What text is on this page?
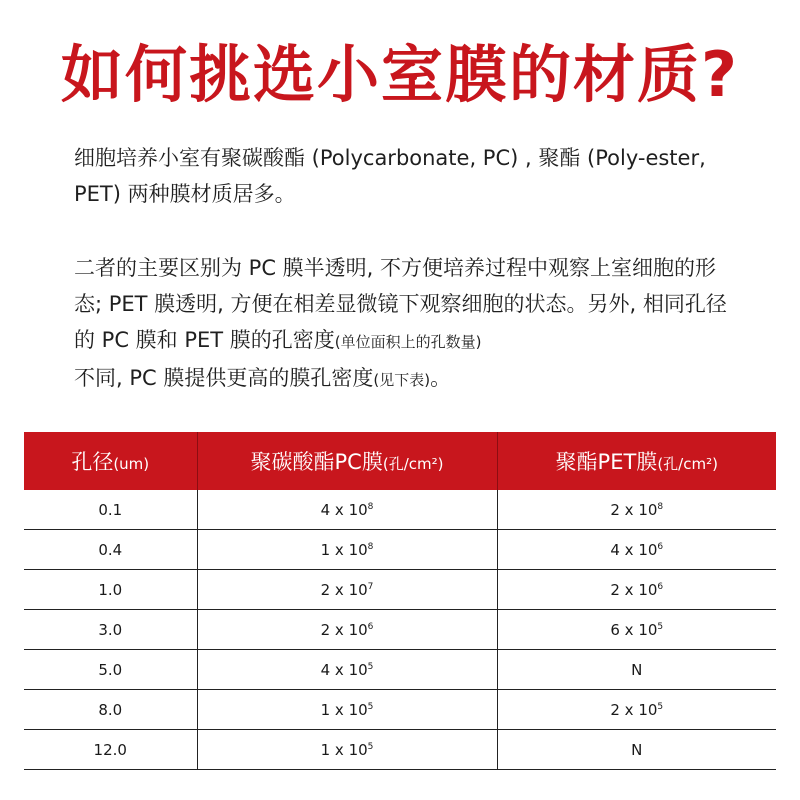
如何挑选小室膜的材质?

细胞培养小室有聚碳酸酯 (Polycarbonate, PC) , 聚酯 (Poly-ester, PET) 两种膜材质居多。

二者的主要区别为 PC 膜半透明, 不方便培养过程中观察上室细胞的形态; PET 膜透明, 方便在相差显微镜下观察细胞的状态。另外, 相同孔径的 PC 膜和 PET 膜的孔密度(单位面积上的孔数量)
不同, PC 膜提供更高的膜孔密度(见下表)。

孔径(um)	聚碳酸酯PC膜(孔/cm²)	聚酯PET膜(孔/cm²)
0.1	4 x $10^8$	2 x $10^8$
0.4	1 x $10^8$	4 x $10^6$
1.0	2 x $10^7$	2 x $10^6$
3.0	2 x $10^6$	6 x $10^5$
5.0	4 x $10^5$	N
8.0	1 x $10^5$	2 x $10^5$
12.0	1 x $10^5$	N
